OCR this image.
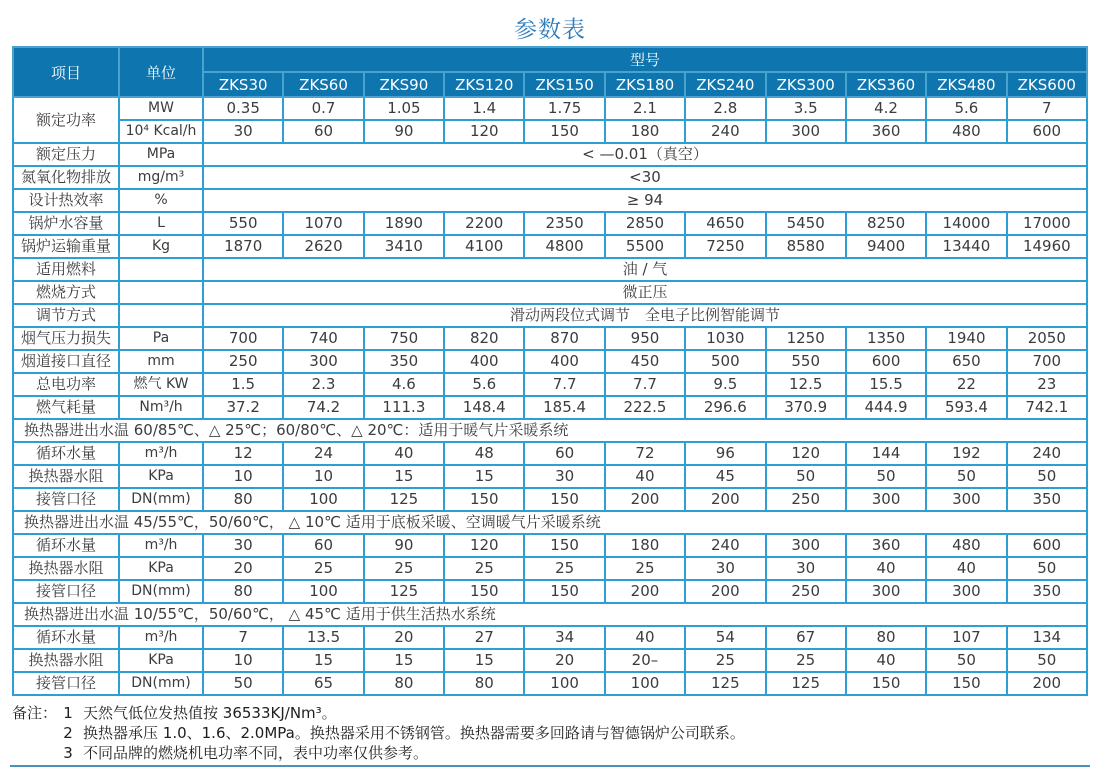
参数表
项目	单位	型号										
		ZKS30	ZKS60	ZKS90	ZKS120	ZKS150	ZKS180	ZKS240	ZKS300	ZKS360	ZKS480	ZKS600
额定功率	MW	0.35	0.7	1.05	1.4	1.75	2.1	2.8	3.5	4.2	5.6	7
	10⁴ Kcal/h	30	60	90	120	150	180	240	300	360	480	600
额定压力	MPa	< —0.01（真空）										
氮氧化物排放	mg/m³	<30										
设计热效率	%	≥ 94										
锅炉水容量	L	550	1070	1890	2200	2350	2850	4650	5450	8250	14000	17000
锅炉运输重量	Kg	1870	2620	3410	4100	4800	5500	7250	8580	9400	13440	14960
适用燃料		油 / 气										
燃烧方式		微正压										
调节方式		滑动两段位式调节　全电子比例智能调节										
烟气压力损失	Pa	700	740	750	820	870	950	1030	1250	1350	1940	2050
烟道接口直径	mm	250	300	350	400	400	450	500	550	600	650	700
总电功率	燃气 KW	1.5	2.3	4.6	5.6	7.7	7.7	9.5	12.5	15.5	22	23
燃气耗量	Nm³/h	37.2	74.2	111.3	148.4	185.4	222.5	296.6	370.9	444.9	593.4	742.1
换热器进出水温 60/85℃、△ 25℃；60/80℃、△ 20℃：适用于暖气片采暖系统												
循环水量	m³/h	12	24	40	48	60	72	96	120	144	192	240
换热器水阻	KPa	10	10	15	15	30	40	45	50	50	50	50
接管口径	DN(mm)	80	100	125	150	150	200	200	250	300	300	350
换热器进出水温 45/55℃，50/60℃， △ 10℃ 适用于底板采暖、空调暖气片采暖系统												
循环水量	m³/h	30	60	90	120	150	180	240	300	360	480	600
换热器水阻	KPa	20	25	25	25	25	25	30	30	40	40	50
接管口径	DN(mm)	80	100	125	150	150	200	200	250	300	300	350
换热器进出水温 10/55℃，50/60℃， △ 45℃ 适用于供生活热水系统												
循环水量	m³/h	7	13.5	20	27	34	40	54	67	80	107	134
换热器水阻	KPa	10	15	15	15	20	20–	25	25	40	50	50
接管口径	DN(mm)	50	65	80	80	100	100	125	125	150	150	200
备注： 1 天然气低位发热值按 36533KJ/Nm³。
2 换热器承压 1.0、1.6、2.0MPa。换热器采用不锈钢管。换热器需要多回路请与智德锅炉公司联系。
3 不同品牌的燃烧机电功率不同，表中功率仅供参考。
